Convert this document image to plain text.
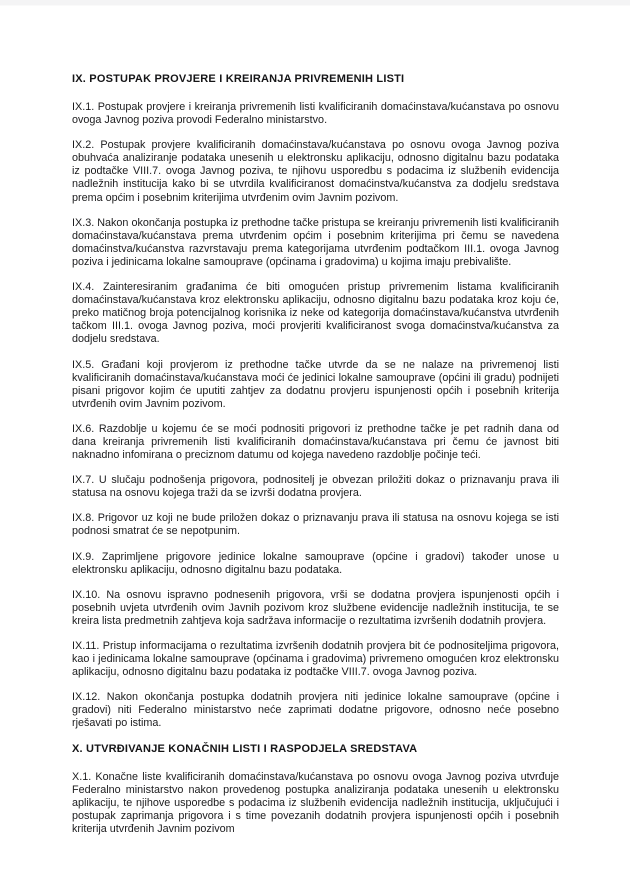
IX. POSTUPAK PROVJERE I KREIRANJA PRIVREMENIH LISTI

IX.1. Postupak provjere i kreiranja privremenih listi kvalificiranih domaćinstava/kućanstava po osnovu ovoga Javnog poziva provodi Federalno ministarstvo.

IX.2. Postupak provjere kvalificiranih domaćinstava/kućanstava po osnovu ovoga Javnog poziva obuhvaća analiziranje podataka unesenih u elektronsku aplikaciju, odnosno digitalnu bazu podataka iz podtačke VIII.7. ovoga Javnog poziva, te njihovu usporedbu s podacima iz službenih evidencija nadležnih institucija kako bi se utvrdila kvalificiranost domaćinstva/kućanstva za dodjelu sredstava prema općim i posebnim kriterijima utvrđenim ovim Javnim pozivom.

IX.3. Nakon okončanja postupka iz prethodne tačke pristupa se kreiranju privremenih listi kvalificiranih domaćinstava/kućanstava prema utvrđenim općim i posebnim kriterijima pri čemu se navedena domaćinstva/kućanstva razvrstavaju prema kategorijama utvrđenim podtačkom III.1. ovoga Javnog poziva i jedinicama lokalne samouprave (općinama i gradovima) u kojima imaju prebivalište.

IX.4. Zainteresiranim građanima će biti omogućen pristup privremenim listama kvalificiranih domaćinstava/kućanstava kroz elektronsku aplikaciju, odnosno digitalnu bazu podataka kroz koju će, preko matičnog broja potencijalnog korisnika iz neke od kategorija domaćinstava/kućanstva utvrđenih tačkom III.1. ovoga Javnog poziva, moći provjeriti kvalificiranost svoga domaćinstva/kućanstva za dodjelu sredstava.

IX.5. Građani koji provjerom iz prethodne tačke utvrde da se ne nalaze na privremenoj listi kvalificiranih domaćinstava/kućanstava moći će jedinici lokalne samouprave (općini ili gradu) podnijeti pisani prigovor kojim će uputiti zahtjev za dodatnu provjeru ispunjenosti općih i posebnih kriterija utvrđenih ovim Javnim pozivom.

IX.6. Razdoblje u kojemu će se moći podnositi prigovori iz prethodne tačke je pet radnih dana od dana kreiranja privremenih listi kvalificiranih domaćinstava/kućanstava pri čemu će javnost biti naknadno infomirana o preciznom datumu od kojega navedeno razdoblje počinje teći.

IX.7. U slučaju podnošenja prigovora, podnositelj je obvezan priložiti dokaz o priznavanju prava ili statusa na osnovu kojega traži da se izvrši dodatna provjera.

IX.8. Prigovor uz koji ne bude priložen dokaz o priznavanju prava ili statusa na osnovu kojega se isti podnosi smatrat će se nepotpunim.

IX.9. Zaprimljene prigovore jedinice lokalne samouprave (općine i gradovi) također unose u elektronsku aplikaciju, odnosno digitalnu bazu podataka.

IX.10. Na osnovu ispravno podnesenih prigovora, vrši se dodatna provjera ispunjenosti općih i posebnih uvjeta utvrđenih ovim Javnih pozivom kroz službene evidencije nadležnih institucija, te se kreira lista predmetnih zahtjeva koja sadržava informacije o rezultatima izvršenih dodatnih provjera.

IX.11. Pristup informacijama o rezultatima izvršenih dodatnih provjera bit će podnositeljima prigovora, kao i jedinicama lokalne samouprave (općinama i gradovima) privremeno omogućen kroz elektronsku aplikaciju, odnosno digitalnu bazu podataka iz podtačke VIII.7. ovoga Javnog poziva.

IX.12. Nakon okončanja postupka dodatnih provjera niti jedinice lokalne samouprave (općine i gradovi) niti Federalno ministarstvo neće zaprimati dodatne prigovore, odnosno neće posebno rješavati po istima.

X. UTVRĐIVANJE KONAČNIH LISTI I RASPODJELA SREDSTAVA

X.1. Konačne liste kvalificiranih domaćinstava/kućanstava po osnovu ovoga Javnog poziva utvrđuje Federalno ministarstvo nakon provedenog postupka analiziranja podataka unesenih u elektronsku aplikaciju, te njihove usporedbe s podacima iz službenih evidencija nadležnih institucija, uključujući i postupak zaprimanja prigovora i s time povezanih dodatnih provjera ispunjenosti općih i posebnih kriterija utvrđenih Javnim pozivom
